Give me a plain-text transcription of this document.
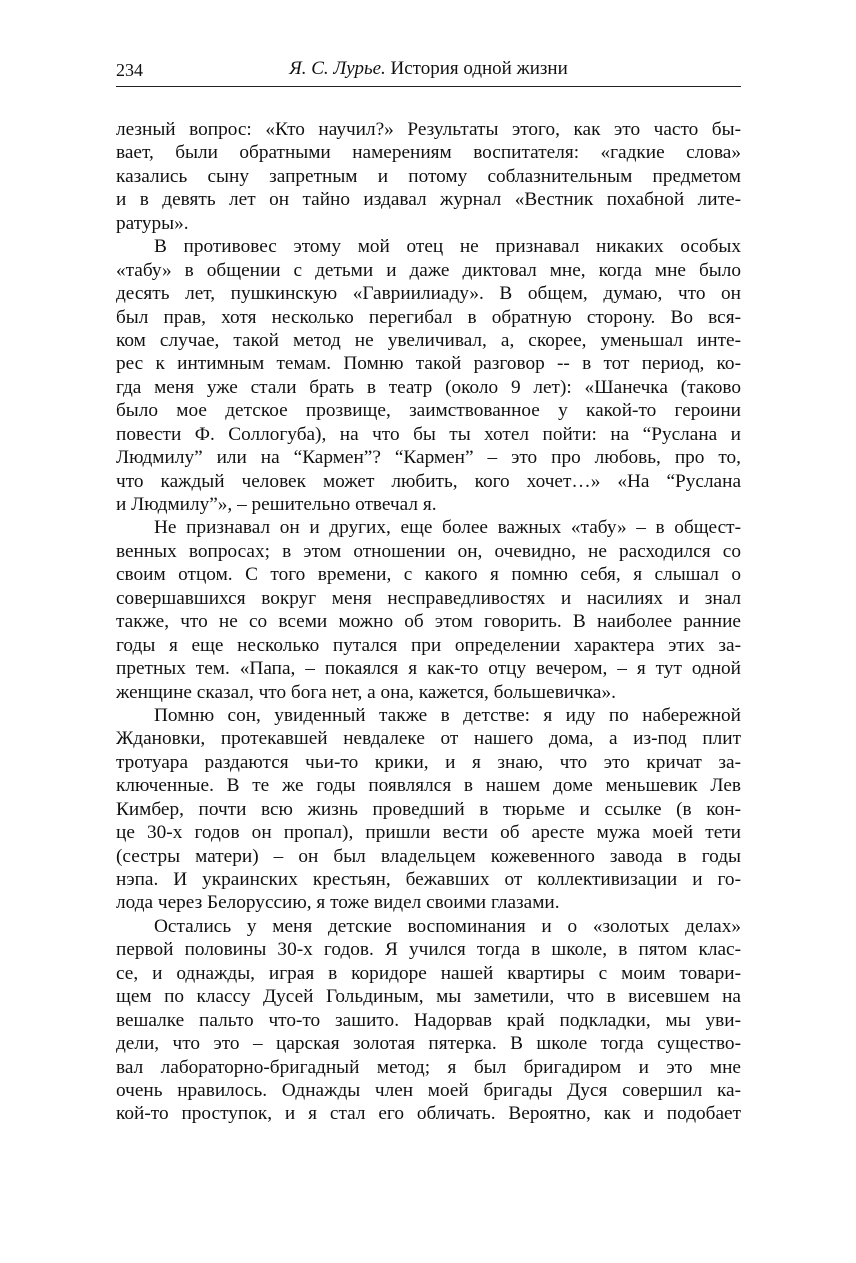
234	Я. С. Лурье. История одной жизни
лезный вопрос: «Кто научил?» Результаты этого, как это часто бы-
вает, были обратными намерениям воспитателя: «гадкие слова»
казались сыну запретным и потому соблазнительным предметом
и в девять лет он тайно издавал журнал «Вестник похабной лите-
ратуры».
В противовес этому мой отец не признавал никаких особых
«табу» в общении с детьми и даже диктовал мне, когда мне было
десять лет, пушкинскую «Гавриилиаду». В общем, думаю, что он
был прав, хотя несколько перегибал в обратную сторону. Во вся-
ком случае, такой метод не увеличивал, а, скорее, уменьшал инте-
рес к интимным темам. Помню такой разговор -- в тот период, ко-
гда меня уже стали брать в театр (около 9 лет): «Шанечка (таково
было мое детское прозвище, заимствованное у какой-то героини
повести Ф. Соллогуба), на что бы ты хотел пойти: на “Руслана и
Людмилу” или на “Кармен”? “Кармен” – это про любовь, про то,
что каждый человек может любить, кого хочет…» «На “Руслана
и Людмилу”», – решительно отвечал я.
Не признавал он и других, еще более важных «табу» – в общест-
венных вопросах; в этом отношении он, очевидно, не расходился со
своим отцом. С того времени, с какого я помню себя, я слышал о
совершавшихся вокруг меня несправедливостях и насилиях и знал
также, что не со всеми можно об этом говорить. В наиболее ранние
годы я еще несколько путался при определении характера этих за-
претных тем. «Папа, – покаялся я как-то отцу вечером, – я тут одной
женщине сказал, что бога нет, а она, кажется, большевичка».
Помню сон, увиденный также в детстве: я иду по набережной
Ждановки, протекавшей невдалеке от нашего дома, а из-под плит
тротуара раздаются чьи-то крики, и я знаю, что это кричат за-
ключенные. В те же годы появлялся в нашем доме меньшевик Лев
Кимбер, почти всю жизнь проведший в тюрьме и ссылке (в кон-
це 30-х годов он пропал), пришли вести об аресте мужа моей тети
(сестры матери) – он был владельцем кожевенного завода в годы
нэпа. И украинских крестьян, бежавших от коллективизации и го-
лода через Белоруссию, я тоже видел своими глазами.
Остались у меня детские воспоминания и о «золотых делах»
первой половины 30-х годов. Я учился тогда в школе, в пятом клас-
се, и однажды, играя в коридоре нашей квартиры с моим товари-
щем по классу Дусей Гольдиным, мы заметили, что в висевшем на
вешалке пальто что-то зашито. Надорвав край подкладки, мы уви-
дели, что это – царская золотая пятерка. В школе тогда существо-
вал лабораторно-бригадный метод; я был бригадиром и это мне
очень нравилось. Однажды член моей бригады Дуся совершил ка-
кой-то проступок, и я стал его обличать. Вероятно, как и подобает
